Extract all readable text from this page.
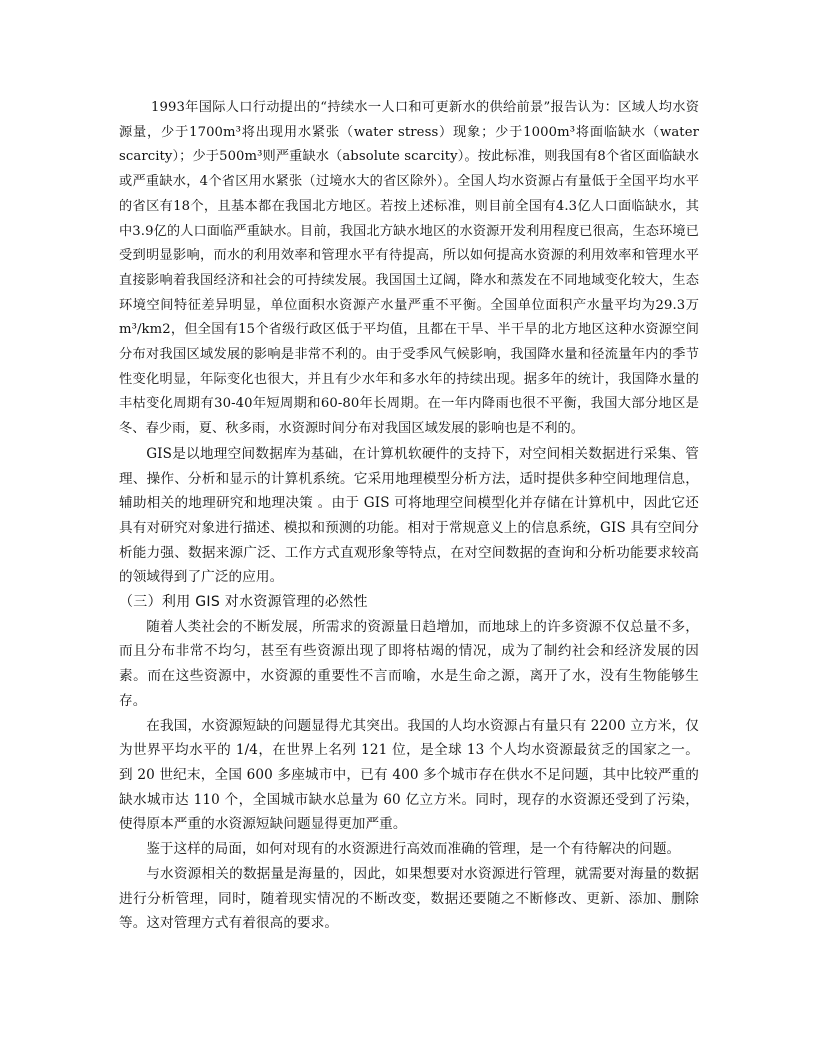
1993年国际人口行动提出的“持续水一人口和可更新水的供给前景”报告认为：区域人均水资源量，少于1700m³将出现用水紧张（water stress）现象；少于1000m³将面临缺水（water scarcity）；少于500m³则严重缺水（absolute scarcity）。按此标准，则我国有8个省区面临缺水或严重缺水，4个省区用水紧张（过境水大的省区除外）。全国人均水资源占有量低于全国平均水平的省区有18个，且基本都在我国北方地区。若按上述标准，则目前全国有4.3亿人口面临缺水，其中3.9亿的人口面临严重缺水。目前，我国北方缺水地区的水资源开发利用程度已很高，生态环境已受到明显影响，而水的利用效率和管理水平有待提高，所以如何提高水资源的利用效率和管理水平直接影响着我国经济和社会的可持续发展。我国国土辽阔，降水和蒸发在不同地域变化较大，生态环境空间特征差异明显，单位面积水资源产水量严重不平衡。全国单位面积产水量平均为29.3万 m³/km2，但全国有15个省级行政区低于平均值，且都在干旱、半干旱的北方地区这种水资源空间分布对我国区域发展的影响是非常不利的。由于受季风气候影响，我国降水量和径流量年内的季节性变化明显，年际变化也很大，并且有少水年和多水年的持续出现。据多年的统计，我国降水量的丰枯变化周期有30-40年短周期和60-80年长周期。在一年内降雨也很不平衡，我国大部分地区是冬、春少雨，夏、秋多雨，水资源时间分布对我国区域发展的影响也是不利的。

GIS是以地理空间数据库为基础，在计算机软硬件的支持下，对空间相关数据进行采集、管理、操作、分析和显示的计算机系统。它采用地理模型分析方法，适时提供多种空间地理信息，辅助相关的地理研究和地理决策 。由于 GIS 可将地理空间模型化并存储在计算机中，因此它还具有对研究对象进行描述、模拟和预测的功能。相对于常规意义上的信息系统，GIS 具有空间分析能力强、数据来源广泛、工作方式直观形象等特点，在对空间数据的查询和分析功能要求较高的领域得到了广泛的应用。

（三）利用 GIS 对水资源管理的必然性

随着人类社会的不断发展，所需求的资源量日趋增加，而地球上的许多资源不仅总量不多，而且分布非常不均匀，甚至有些资源出现了即将枯竭的情况，成为了制约社会和经济发展的因素。而在这些资源中，水资源的重要性不言而喻，水是生命之源，离开了水，没有生物能够生存。

在我国，水资源短缺的问题显得尤其突出。我国的人均水资源占有量只有 2200 立方米，仅为世界平均水平的 1/4，在世界上名列 121 位，是全球 13 个人均水资源最贫乏的国家之一。到 20 世纪末，全国 600 多座城市中，已有 400 多个城市存在供水不足问题，其中比较严重的缺水城市达 110 个，全国城市缺水总量为 60 亿立方米。同时，现存的水资源还受到了污染，使得原本严重的水资源短缺问题显得更加严重。

鉴于这样的局面，如何对现有的水资源进行高效而准确的管理，是一个有待解决的问题。

与水资源相关的数据量是海量的，因此，如果想要对水资源进行管理，就需要对海量的数据进行分析管理，同时，随着现实情况的不断改变，数据还要随之不断修改、更新、添加、删除等。这对管理方式有着很高的要求。
